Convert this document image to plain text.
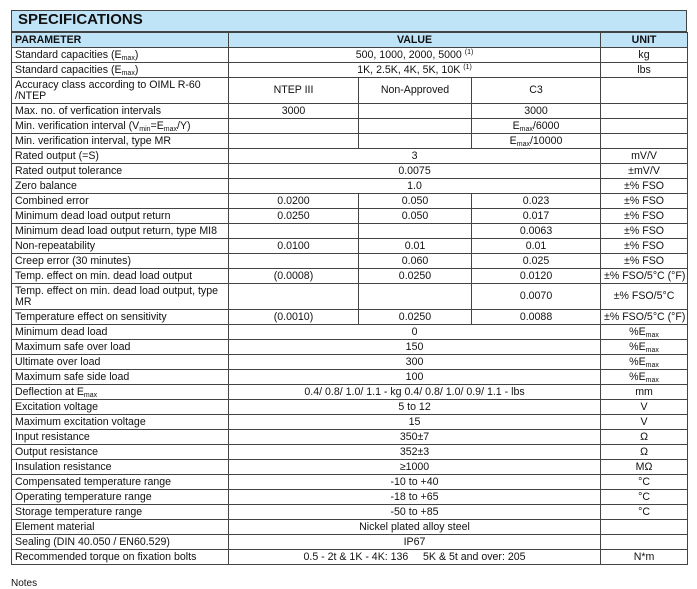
SPECIFICATIONS
PARAMETER	VALUE			UNIT
Standard capacities $(E_{max})$	500, 1000, 2000, 5000 $^{(1)}$			kg
Standard capacities $(E_{max})$	1K, 2.5K, 4K, 5K, 10K $^{(1)}$			lbs
Accuracy class according to OIML R-60 /NTEP	NTEP III	Non-Approved	C3	
Max. no. of verfication intervals	3000		3000	
Min. verification interval $(V_{min}=E_{max}/Y)$			$E_{max}/6000$	
Min. verification interval, type MR			$E_{max}/10000$	
Rated output (=S)	3			mV/V
Rated output tolerance	0.0075			±mV/V
Zero balance	1.0			±% FSO
Combined error	0.0200	0.050	0.023	±% FSO
Minimum dead load output return	0.0250	0.050	0.017	±% FSO
Minimum dead load output return, type MI8			0.0063	±% FSO
Non-repeatability	0.0100	0.01	0.01	±% FSO
Creep error (30 minutes)		0.060	0.025	±% FSO
Temp. effect on min. dead load output	(0.0008)	0.0250	0.0120	±% FSO/5°C (°F)
Temp. effect on min. dead load output, type MR			0.0070	±% FSO/5°C
Temperature effect on sensitivity	(0.0010)	0.0250	0.0088	±% FSO/5°C (°F)
Minimum dead load	0			$\%E_{max}$
Maximum safe over load	150			$\%E_{max}$
Ultimate over load	300			$\%E_{max}$
Maximum safe side load	100			$\%E_{max}$
Deflection at $E_{max}$	0.4/ 0.8/ 1.0/ 1.1 - kg 0.4/ 0.8/ 1.0/ 0.9/ 1.1 - lbs			mm
Excitation voltage	5 to 12			V
Maximum excitation voltage	15			V
Input resistance	350±7			Ω
Output resistance	352±3			Ω
Insulation resistance	≥1000			MΩ
Compensated temperature range	-10 to +40			°C
Operating temperature range	-18 to +65			°C
Storage temperature range	-50 to +85			°C
Element material	Nickel plated alloy steel			
Sealing (DIN 40.050 / EN60.529)	IP67			
Recommended torque on fixation bolts	0.5 - 2t & 1K - 4K: 136     5K & 5t and over: 205			N*m
Notes
